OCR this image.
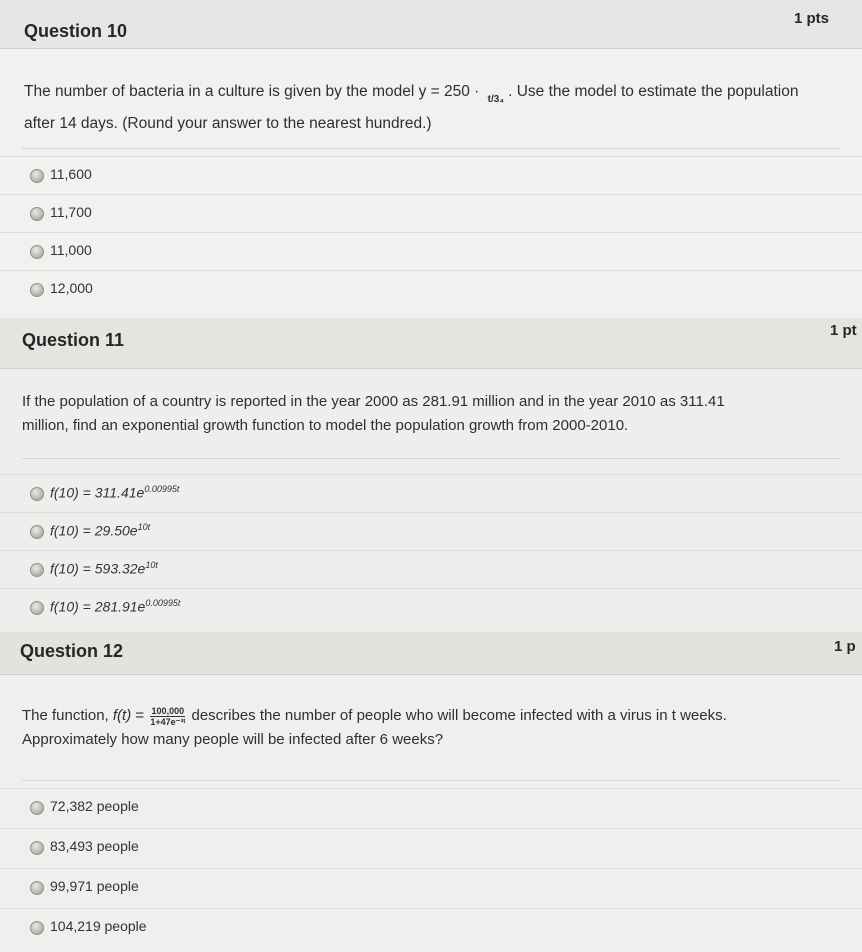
Question 10
1 pts
The number of bacteria in a culture is given by the model y = 250 · t/3₄ . Use the model to estimate the population
after 14 days. (Round your answer to the nearest hundred.)
11,600
11,700
11,000
12,000
Question 11	1 pt
If the population of a country is reported in the year 2000 as 281.91 million and in the year 2010 as 311.41
million, find an exponential growth function to model the population growth from 2000-2010.
$f(10) = 311.41e^{0.00995t}$
$f(10) = 29.50e^{10t}$
$f(10) = 593.32e^{10t}$
$f(10) = 281.91e^{0.00995t}$
Question 12	1 p
The function, $f(t) = \frac{100,000}{\text{1+47e⁻³ᵗ}}$ describes the number of people who will become infected with a virus in t weeks.
Approximately how many people will be infected after 6 weeks?
72,382 people
83,493 people
99,971 people
104,219 people
